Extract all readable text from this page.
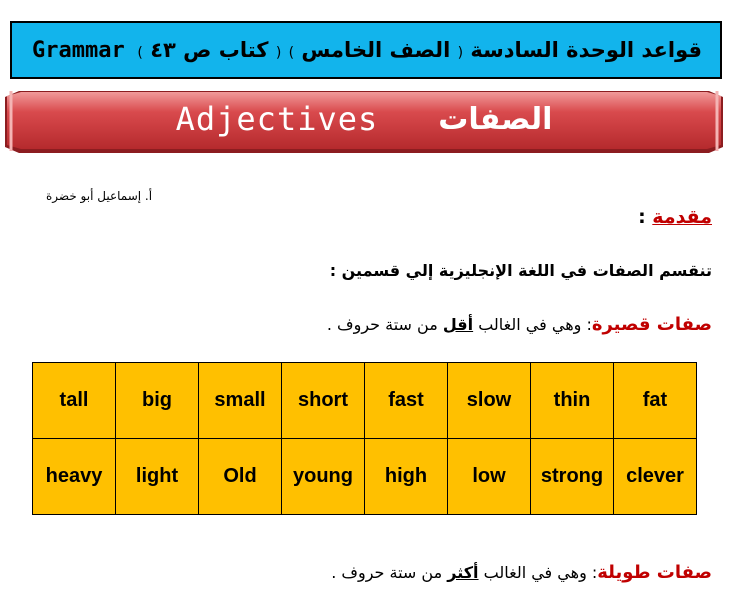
Grammar	قواعد الوحدة السادسة ( الصف الخامس ) ( كتاب ص ٤٣ )
Adjectives الصفات
أ. إسماعيل أبو خضرة
مقدمة :
تنقسم الصفات في اللغة الإنجليزية إلي قسمين :
صفات قصيرة: وهي في الغالب أقل من ستة حروف .
tall	big	small	short	fast	slow	thin	fat
heavy	light	Old	young	high	low	strong	clever
صفات طويلة: وهي في الغالب أكثر من ستة حروف .
